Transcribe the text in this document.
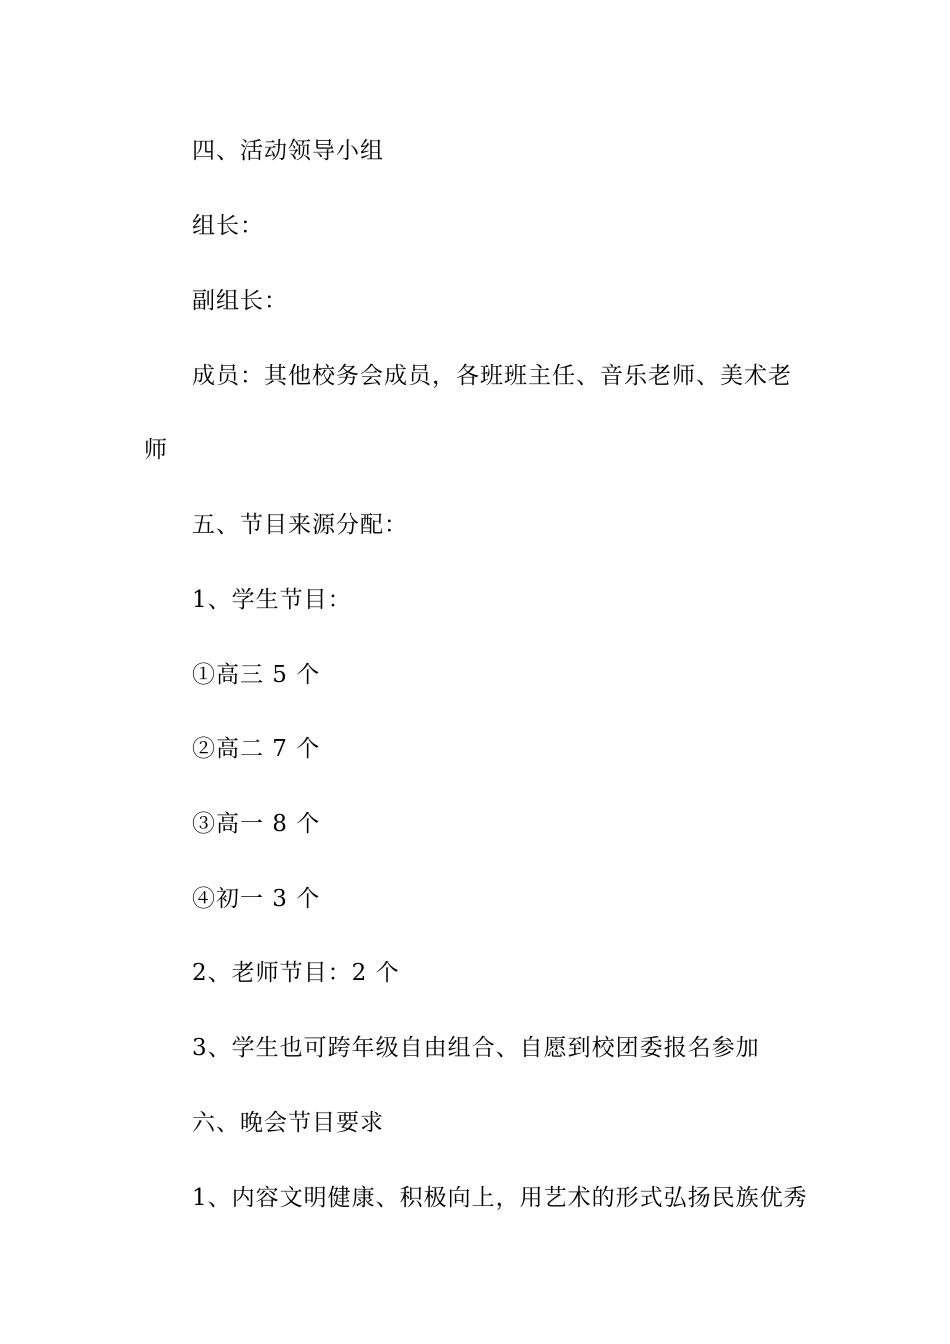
四、活动领导小组
组长：
副组长：
成员：其他校务会成员，各班班主任、音乐老师、美术老
师
五、节目来源分配：
1、学生节目：
①高三 5 个
②高二 7 个
③高一 8 个
④初一 3 个
2、老师节目：2 个
3、学生也可跨年级自由组合、自愿到校团委报名参加
六、晚会节目要求
1、内容文明健康、积极向上，用艺术的形式弘扬民族优秀
